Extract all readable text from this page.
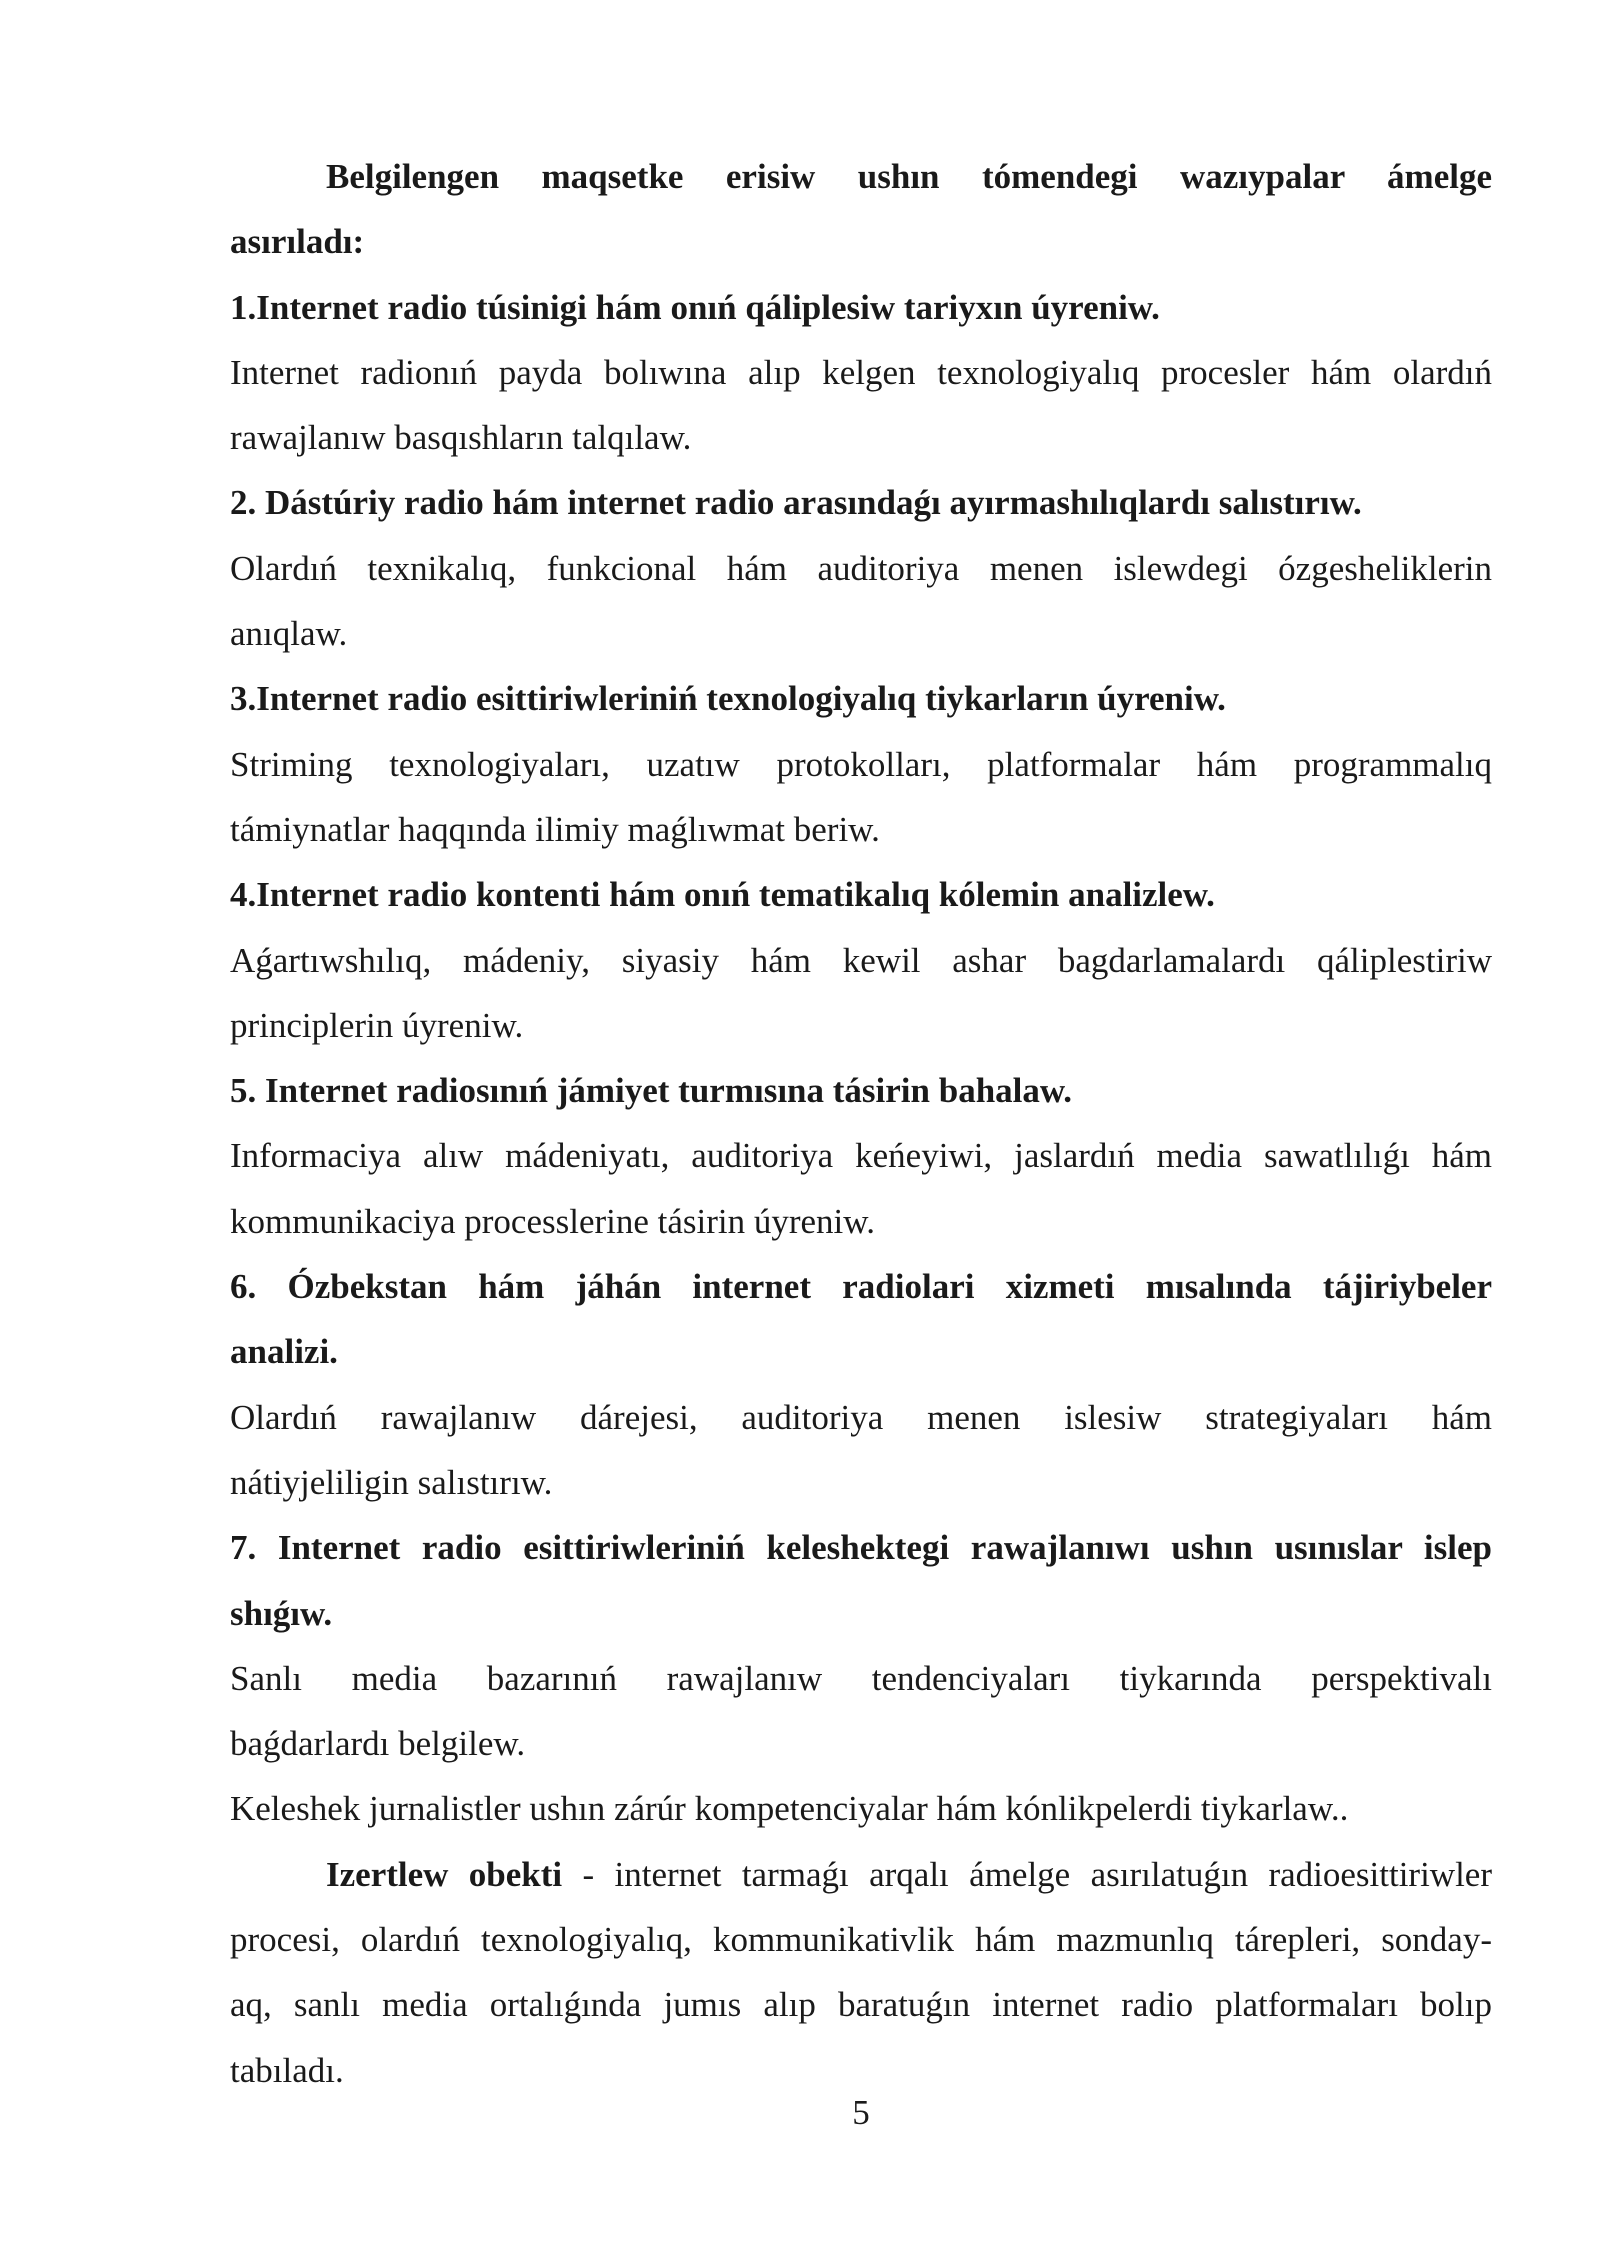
Belgilengen maqsetke erisiw ushın tómendegi wazıypalar ámelge
asırıladı:
1.Internet radio túsinigi hám onıń qáliplesiw tariyxın úyreniw.
Internet radionıń payda bolıwına alıp kelgen texnologiyalıq procesler hám olardıń
rawajlanıw basqıshların talqılaw.
2. Dástúriy radio hám internet radio arasındaǵı ayırmashılıqlardı salıstırıw.
Olardıń texnikalıq, funkcional hám auditoriya menen islewdegi ózgesheliklerin
anıqlaw.
3.Internet radio esittiriwleriniń texnologiyalıq tiykarların úyreniw.
Striming texnologiyaları, uzatıw protokolları, platformalar hám programmalıq
támiynatlar haqqında ilimiy maǵlıwmat beriw.
4.Internet radio kontenti hám onıń tematikalıq kólemin analizlew.
Aǵartıwshılıq, mádeniy, siyasiy hám kewil ashar bagdarlamalardı qáliplestiriw
principlerin úyreniw.
5. Internet radiosınıń jámiyet turmısına tásirin bahalaw.
Informaciya alıw mádeniyatı, auditoriya keńeyiwi, jaslardıń media sawatlılıǵı hám
kommunikaciya processlerine tásirin úyreniw.
6. Ózbekstan hám jáhán internet radiolari xizmeti mısalında tájiriybeler
analizi.
Olardıń rawajlanıw dárejesi, auditoriya menen islesiw strategiyaları hám
nátiyjeliligin salıstırıw.
7. Internet radio esittiriwleriniń keleshektegi rawajlanıwı ushın usınıslar islep
shıǵıw.
Sanlı media bazarınıń rawajlanıw tendenciyaları tiykarında perspektivalı
baǵdarlardı belgilew.
Keleshek jurnalistler ushın zárúr kompetenciyalar hám kónlikpelerdi tiykarlaw..
Izertlew obekti - internet tarmaǵı arqalı ámelge asırılatuǵın radioesittiriwler
procesi, olardıń texnologiyalıq, kommunikativlik hám mazmunlıq tárepleri, sonday-
aq, sanlı media ortalıǵında jumıs alıp baratuǵın internet radio platformaları bolıp
tabıladı.
5
